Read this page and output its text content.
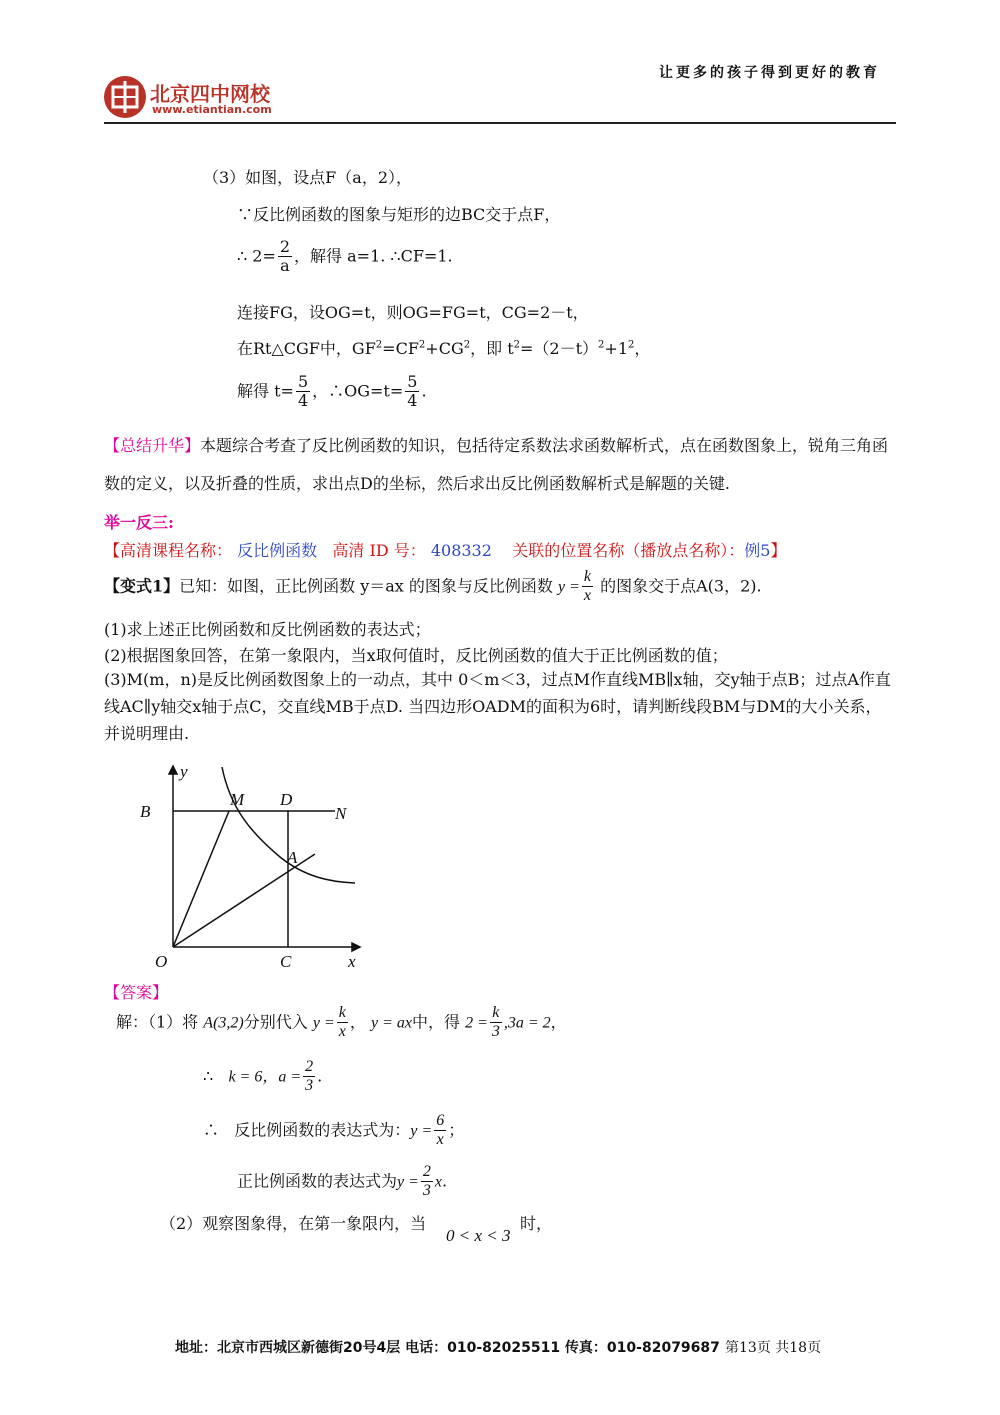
北京四中网校
www.etiantian.com
让更多的孩子得到更好的教育
（3）如图，设点F（a，2），
∵反比例函数的图象与矩形的边BC交于点F，
∴ $2= \frac{2}{a}$ ，解得 a=1. ∴CF=1.
连接FG，设OG=t，则OG=FG=t，CG=2－t，
在Rt△CGF中，$GF^2=CF^2+CG^2$，即 $t^2=(2-t)^2+1^2$，
解得 $t= \frac{5}{4}$ ，∴OG=t= $\frac{5}{4}$ .
【总结升华】本题综合考查了反比例函数的知识，包括待定系数法求函数解析式，点在函数图象上，锐角三角函数的定义，以及折叠的性质，求出点D的坐标，然后求出反比例函数解析式是解题的关键.
举一反三:
【高清课程名称： 反比例函数 高清 ID 号： 408332 关联的位置名称（播放点名称）：例5】
【变式1】已知：如图，正比例函数 y＝ax 的图象与反比例函数 $y = \frac{k}{x}$ 的图象交于点A(3，2).
(1)求上述正比例函数和反比例函数的表达式；
(2)根据图象回答，在第一象限内，当x取何值时，反比例函数的值大于正比例函数的值；
(3)M(m，n)是反比例函数图象上的一动点，其中 0＜m＜3，过点M作直线MB∥x轴，交y轴于点B；过点A作直线AC∥y轴交x轴于点C，交直线MB于点D. 当四边形OADM的面积为6时，请判断线段BM与DM的大小关系，并说明理由.
y
B
M D
N
A
O	C	x
【答案】
解：（1）将 A(3,2)分别代入 $y = \frac{k}{x}$ ， y = ax中，得 $2 = \frac{k}{3} ,3a = 2$，
∴ k = 6，$a = \frac{2}{3}$ .
∴ 反比例函数的表达式为：$y = \frac{6}{x}$ ；
正比例函数的表达式为$y = \frac{2}{3} x$.
（2）观察图象得，在第一象限内，当
0 < x < 3
时，
地址：北京市西城区新德街20号4层 电话：010-82025511 传真：010-82079687 第13页 共18页
